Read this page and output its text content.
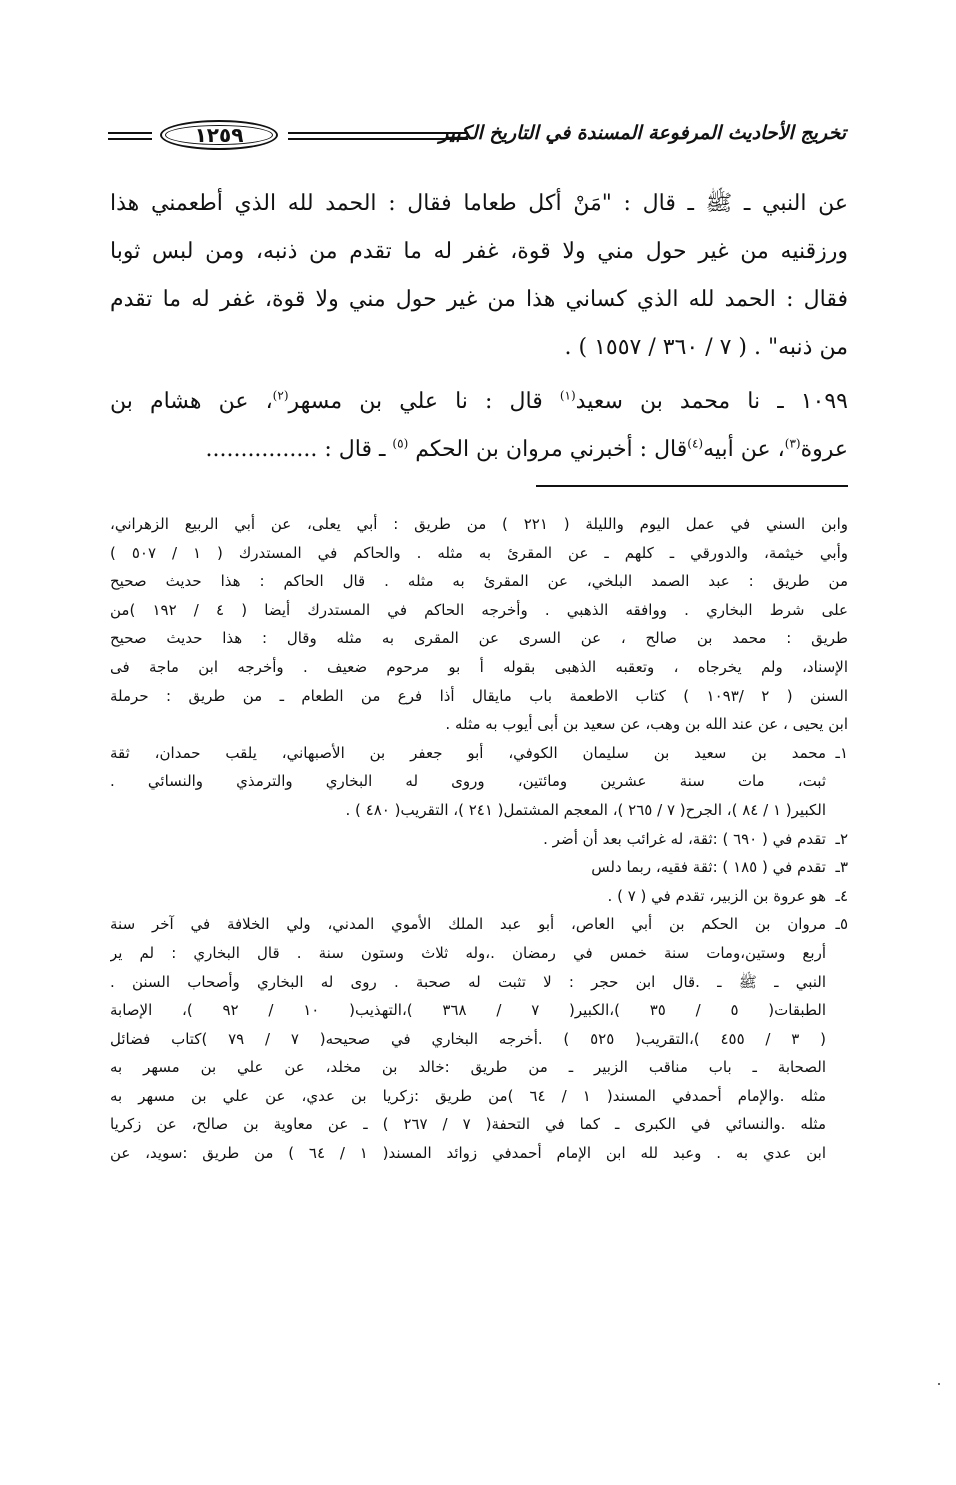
١٢٥٩	تخريج الأحاديث المرفوعة المسندة في التاريخ الكبير

عن النبي ـ ﷺ ـ قال : "مَنْ أكل طعاما فقال : الحمد لله الذي أطعمني هذا
ورزقنيه من غير حول مني ولا قوة، غفر له ما تقدم من ذنبه، ومن لبس ثوبا
فقال : الحمد لله الذي كساني هذا من غير حول مني ولا قوة، غفر له ما تقدم
من ذنبه" . ( ٧ / ٣٦٠ / ١٥٥٧ ) .

١٠٩٩ ـ نا محمد بن سعيد$^{(١)}$ قال : نا علي بن مسهر$^{(٢)}$، عن هشام بن
عروة$^{(٣)}$، عن أبيه$^{(٤)}$قال : أخبرني مروان بن الحكم $^{(٥)}$ ـ قال : ................

وابن السني في عمل اليوم والليلة ( ٢٢١ ) من طريق : أبي يعلى، عن أبي الربيع الزهراني،
وأبي خيثمة، والدورقي ـ كلهم ـ عن المقرئ به مثله . والحاكم في المستدرك ( ١ / ٥٠٧ )
من طريق : عبد الصمد البلخي، عن المقرئ به مثله . قال الحاكم : هذا حديث صحيح
على شرط البخاري . ووافقه الذهبي . وأخرجه الحاكم في المستدرك أيضا ( ٤ / ١٩٢ )من
طريق : محمد بن صالح ، عن السرى عن المقرى به مثله وقال : هذا حديث صحيح
الإسناد، ولم يخرجاه ، وتعقبه الذهبى بقوله أ بو مرحوم ضعيف . وأخرجه ابن ماجة فى
السنن ( ٢ /١٠٩٣ ) كتاب الاطعمة باب مايقال أذا فرع من الطعام ـ من طريق : حرملة
ابن يحيى ، عن عند الله بن وهب، عن سعيد بن أبى أيوب به مثله .
١ـ
محمد بن سعيد بن سليمان الكوفي، أبو جعفر بن الأصبهاني، يلقب حمدان، ثقة
ثبت، مات سنة عشرين ومائتين، وروى له البخاري والترمذي والنسائي .
الكبير( ١ / ٨٤ )، الجرح( ٧ / ٢٦٥ )، المعجم المشتمل( ٢٤١ )، التقريب( ٤٨٠ ) .
٢ـ
تقدم في ( ٦٩٠ ) :ثقة، له غرائب بعد أن أضر .
٣ـ
تقدم في ( ١٨٥ ) :ثقة فقيه، ربما دلس
٤ـ
هو عروة بن الزبير، تقدم في ( ٧ ) .
٥ـ
مروان بن الحكم بن أبي العاص، أبو عبد الملك الأموي المدني، ولي الخلافة في آخر سنة
أربع وستين،ومات سنة خمس في رمضان .،وله ثلاث وستون سنة . قال البخاري : لم ير
النبي ـ ﷺ ـ .قال ابن حجر : لا تثبت له صحبة . روى له البخاري وأصحاب السنن .
الطبقات( ٥ / ٣٥ )،الكبير( ٧ / ٣٦٨ )،التهذيب( ١٠ / ٩٢ )، الإصابة
( ٣ / ٤٥٥ )،التقريب( ٥٢٥ ) .أخرجه البخاري في صحيحه( ٧ / ٧٩ )كتاب فضائل
الصحابة ـ باب مناقب الزبير ـ من طريق :خالد بن مخلد، عن علي بن مسهر به
مثله .والإمام أحمدفي المسند( ١ / ٦٤ )من طريق :زكريا بن عدي، عن علي بن مسهر به
مثله .والنسائي في الكبرى ـ كما في التحفة( ٧ / ٢٦٧ ) ـ عن معاوية بن صالح، عن زكريا
ابن عدي به . وعبد لله ابن الإمام أحمدفي زوائد المسند( ١ / ٦٤ ) من طريق :سويد، عن
